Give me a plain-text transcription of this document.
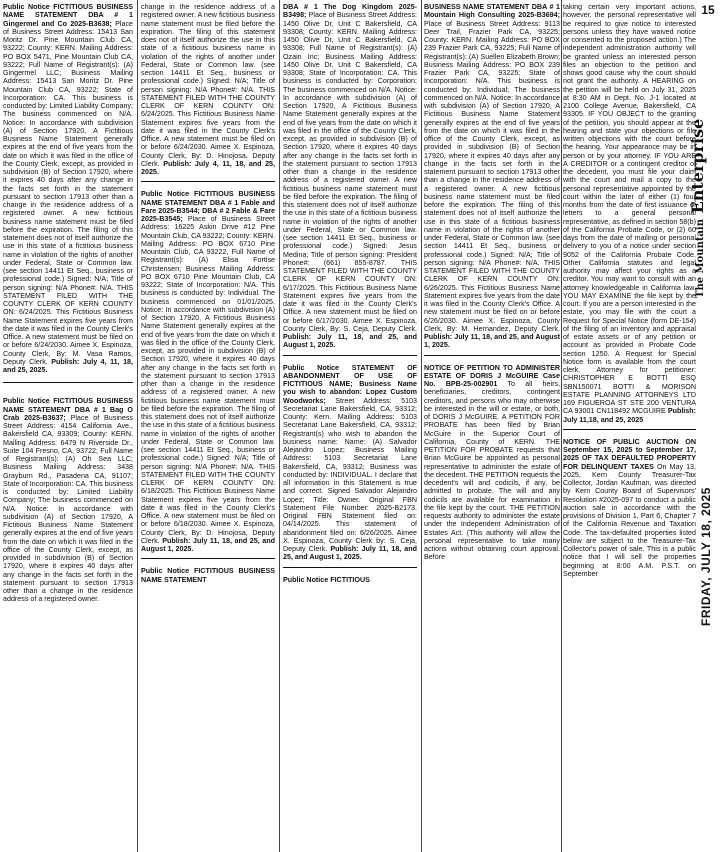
15
The Mountain Enterprise
FRIDAY, JULY 18, 2025

Public Notice FICTITIOUS BUSINESS NAME STATEMENT DBA # 1 Gingermel and Co 2025-B3638; Place of Business Street Address: 15413 San Moritz Dr. Pine Mountain Club CA, 93222; County: KERN. Mailing Address: PO BOX 5471, Pine Mountain Club CA, 93222; Full Name of Registrant(s): (A) Gingermel LLC; Business Mailing Address: 15413 San Moritz Dr. Pine Mountain Club CA, 93222; State of Incorporation: CA. This business is conducted by: Limited Liability Company; The business commenced on N/A. Notice: In accordance with subdivision (A) of Section 17920, A Fictitious Business Name Statement generally expires at the end of five years from the date on which it was filed in the office of the County Clerk, except, as provided in subdivision (B) of Section 17920, where it expires 40 days after any change in the facts set forth in the statement pursuant to section 17913 other than a change in the residence address of a registered owner. A new fictitious business name statement must be filed before the expiration. The filing of this statement does not of itself authorize the use in this state of a fictitious business name in violation of the rights of another under Federal, State or Common law. (see section 14411 Et Seq., business or professional code.) Signed: N/A; Title of person signing: N/A Phone#: N/A. THIS STATEMENT FILED WITH THE COUNTY CLERK OF KERN COUNTY ON: 6/24/2025. This Fictitious Business Name Statement expires five years from the date it was filed in the County Clerk's Office. A new statement must be filed on or before 6/24/2030. Aimee X. Espinoza, County Clerk, By: M. Vasa Ramos, Deputy Clerk. Publish: July 4, 11, 18, and 25, 2025.

Public Notice FICTITIOUS BUSINESS NAME STATEMENT DBA # 1 Bag O Crab 2025-B3637; Place of Business Street Address: 4154 California Ave., Bakersfield CA, 93309; County: KERN. Mailing Address: 6479 N Riverside Dr., Suite 104 Fresno, CA, 93722; Full Name of Registrant(s): (A) Oh Sea LLC; Business Mailing Address: 3438 Grayburn Rd., Pasadena CA, 91107; State of Incorporation: CA. This business is conducted by: Limited Liability Company; The business commenced on N/A. Notice: In accordance with subdivision (A) of Section 17920, A Fictitious Business Name Statement generally expires at the end of five years from the date on which it was filed in the office of the County Clerk, except, as provided in subdivision (B) of Section 17920, where it expires 40 days after any change in the facts set forth in the statement pursuant to section 17913 other than a change in the residence address of a registered owner.

change in the residence address of a registered owner. A new fictitious business name statement must be filed before the expiration. The filing of this statement does not of itself authorize the use in this state of a fictitious business name in violation of the rights of another under Federal, State or Common law. (see section 14411 Et Seq., business or professional code.) Signed: N/A; Title of person signing: N/A Phone#: N/A. THIS STATEMENT FILED WITH THE COUNTY CLERK OF KERN COUNTY ON: 6/24/2025. This Fictitious Business Name Statement expires five years from the date it was filed in the County Clerk's Office. A new statement must be filed on or before 6/24/2030. Aimee X. Espinoza, County Clerk, By: D. Hinojosa, Deputy Clerk. Publish: July 4, 11, 18, and 25, 2025.

Public Notice FICTITIOUS BUSINESS NAME STATEMENT DBA # 1 Fable and Fare 2025-B3544; DBA # 2 Fable & Fare 2025-B3545; Place of Business Street Address: 16225 Askin Drive #12 Pine Mountain Club, CA 93222; County: KERN. Mailing Address: PO BOX 6710 Pine Mountain Club, CA 93222, Full Name of Registrant(s): (A) Elisa Fortise Christensen; Business Mailing Address: PO BOX 6710 Pine Mountain Club, CA 93222; State of Incorporation: N/A. This business is conducted by: Individual. The business commenced on 01/01/2025. Notice: In accordance with subdivision (A) of Section 17920, A Fictitious Business Name Statement generally expires at the end of five years from the date on which it was filed in the office of the County Clerk, except, as provided in subdivision (B) of Section 17920, where it expires 40 days after any change in the facts set forth in the statement pursuant to section 17913 other than a change in the residence address of a registered owner. A new fictitious business name statement must be filed before the expiration. The filing of this statement does not of itself authorize the use in this state of a fictitious business name in violation of the rights of another under Federal, State or Common law. (see section 14411 Et Seq., business or professional code.) Signed: N/A; Title of person signing: N/A Phone#: N/A. THIS STATEMENT FILED WITH THE COUNTY CLERK OF KERN COUNTY ON: 6/18/2025. This Fictitious Business Name Statement expires five years from the date it was filed in the County Clerk's Office. A new statement must be filed on or before 6/18/2030. Aimee X. Espinoza, County Clerk, By: D. Hinojosa, Deputy Clerk. Publish: July 11, 18, and 25, and August 1, 2025.

Public Notice FICTITIOUS BUSINESS NAME STATEMENT

DBA # 1 The Dog Kingdom 2025-B3498; Place of Business Street Address: 1450 Olive Dr, Unit C Bakersfield, CA 93308; County: KERN. Mailing Address: 1450 Olive Dr, Unit C Bakersfield, CA 93308; Full Name of Registrant(s): (A) Ozain Inc; Business Mailing Address: 1450 Olive Dr, Unit C Bakersfield, CA 93308; State of Incorporation: CA. This business is conducted by: Corporation; The business commenced on N/A. Notice: In accordance with subdivision (A) of Section 17920, A Fictitious Business Name Statement generally expires at the end of five years from the date on which it was filed in the office of the County Clerk, except, as provided in subdivision (B) of Section 17920, where it expires 40 days after any change in the facts set forth in the statement pursuant to section 17913 other than a change in the residence address of a registered owner. A new fictitious business name statement must be filed before the expiration. The filing of this statement does not of itself authorize the use in this state of a fictitious business name in violation of the rights of another under Federal, State or Common law. (see section 14411 Et Seq., business or professional code.) Signed: Jesus Medina; Title of person signing: President Phone#: (661) 855-8787. THIS STATEMENT FILED WITH THE COUNTY CLERK OF KERN COUNTY ON: 6/17/2025. This Fictitious Business Name Statement expires five years from the date it was filed in the County Clerk's Office. A new statement must be filed on or before 6/17/2030. Aimee X. Espinoza, County Clerk, By: S. Ceja, Deputy Clerk. Publish: July 11, 18, and 25, and August 1, 2025.

Public Notice STATEMENT OF ABANDONMENT OF USE OF FICTITIOUS NAME; Business Name you wish to abandon: Lopez Custom Woodworks; Street Address: 5103 Secretariat Lane Bakersfield, CA, 93312; County: Kern. Mailing Address: 5103 Secretariat Lane Bakersfield, CA, 93312; Registrant(s) who wish to abandon the business name: Name: (A) Salvador Alejandro Lopez; Business Mailing Address: 5103 Secretariat Lane Bakersfield, CA, 93312; Business was conducted by: INDIVIDUAL. I declare that all information in this Statement is true and correct. Signed Salvador Alejandro Lopez; Title: Owner. Original FBN Statement File Number: 2025-B2173. Original FBN Statement filed on: 04/14/2025. This statement of abandonment filed on: 6/26/2025. Aimee X. Espinoza, County Clerk by: S. Ceja, Deputy Clerk. Publish: July 11, 18, and 25, and August 1, 2025.

Public Notice FICTITIOUS

BUSINESS NAME STATEMENT DBA # 1 Mountain High Consulting 2025-B3694; Place of Business Street Address: 9113 Deer Trail, Frazier Park CA, 93225; County: KERN. Mailing Address: PO BOX 239 Frazier Park CA, 93225; Full Name of Registrant(s): (A) Suellen Elizabeth Brown; Business Mailing Address: PO BOX 239 Frazier Park CA, 93225; State of Incorporation: N/A. This business is conducted by: Individual; The business commenced on N/A. Notice: In accordance with subdivision (A) of Section 17920, A Fictitious Business Name Statement generally expires at the end of five years from the date on which it was filed in the office of the County Clerk, except, as provided in subdivision (B) of Section 17920, where it expires 40 days after any change in the facts set forth in the statement pursuant to section 17913 other than a change in the residence address of a registered owner. A new fictitious business name statement must be filed before the expiration. The filing of this statement does not of itself authorize the use in this state of a fictitious business name in violation of the rights of another under Federal, State or Common law. (see section 14411 Et Seq., business or professional code.) Signed: N/A; Title of person signing: N/A Phone#: N/A. THIS STATEMENT FILED WITH THE COUNTY CLERK OF KERN COUNTY ON: 6/26/2025. This Fictitious Business Name Statement expires five years from the date it was filed in the County Clerk's Office. A new statement must be filed on or before 6/26/2030. Aimee X. Espinoza, County Clerk, By: M. Hernandez, Deputy Clerk. Publish: July 11, 18, and 25, and August 1, 2025.

NOTICE OF PETITION TO ADMINISTER ESTATE OF DORIS J McGUIRE Case No. BPB-25-002901 To all heirs, beneficiaries, creditors, contingent creditors, and persons who may otherwise be interested in the will or estate, or both, of DORIS J McGUIRE. A PETITION FOR PROBATE has been filed by Brian McGuire in the Superior Court of California, County of KERN. THE PETITION FOR PROBATE requests that Brian McGuire be appointed as personal representative to administer the estate of the decedent. THE PETITION requests the decedent's will and codicils, if any, be admitted to probate. The will and any codicils are available for examination in the file kept by the court. THE PETITION requests authority to administer the estate under the Independent Administration of Estates Act. (This authority will allow the personal representative to take many actions without obtaining court approval. Before

taking certain very important actions, however, the personal representative will be required to give notice to interested persons unless they have waived notice or consented to the proposed action.) The independent administration authority will be granted unless an interested person files an objection to the petition and shows good cause why the court should not grant the authority. A HEARING on the petition will be held on July 31, 2025 at 8:30 AM in Dept. No. J-1 located at 2100 College Avenue, Bakersfield, CA 93305. IF YOU OBJECT to the granting of the petition, you should appear at the hearing and state your objections or file written objections with the court before the hearing. Your appearance may be in person or by your attorney. IF YOU ARE A CREDITOR or a contingent creditor of the decedent, you must file your claim with the court and mail a copy to the personal representative appointed by the court within the later of either (1) four months from the date of first issuance of letters to a general personal representative, as defined in section 58(b) of the California Probate Code, or (2) 60 days from the date of mailing or personal delivery to you of a notice under section 9052 of the California Probate Code. Other California statutes and legal authority may affect your rights as a creditor. You may want to consult with an attorney knowledgeable in California law. YOU MAY EXAMINE the file kept by the court. If you are a person interested in the estate, you may file with the court a Request for Special Notice (form DE-154) of the filing of an inventory and appraisal of estate assets or of any petition or account as provided in Probate Code section 1250. A Request for Special Notice form is available from the court clerk. Attorney for petitioner: CHRISTOPHER E BOTTI ESQ SBN150071 BOTTI & MORISON ESTATE PLANNING ATTORNEYS LTD 169 FIGUEROA ST STE 200 VENTURA CA 93001 CN118492 MCGUIRE Publish: July 11,18, and 25, 2025

NOTICE OF PUBLIC AUCTION ON September 15, 2025 to September 17, 2025 OF TAX DEFAULTED PROPERTY FOR DELINQUENT TAXES On May 13, 2025, Kern County Treasurer-Tax Collector, Jordan Kaufman, was directed by Kern County Board of Supervisors' Resolution #2025-097 to conduct a public auction sale in accordance with the provisions of Division 1, Part 6, Chapter 7 of the California Revenue and Taxation Code. The tax-defaulted properties listed below are subject to the Treasurer-Tax Collector's power of sale. This is a public notice that I will sell the properties beginning at 8:00 A.M. P.S.T. on September
